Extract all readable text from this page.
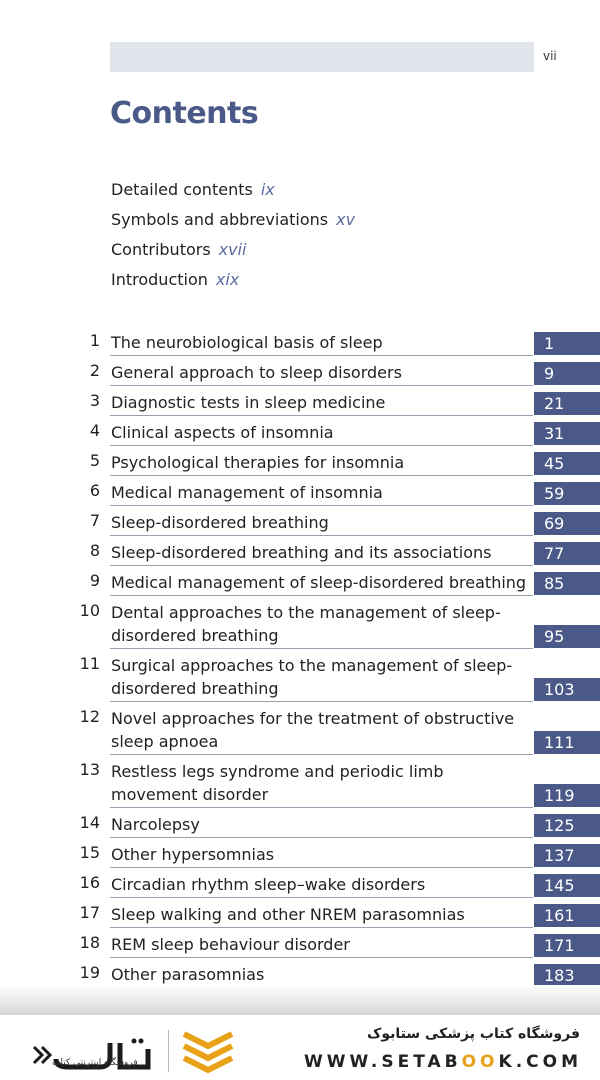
vii
Contents
Detailed contents ix
Symbols and abbreviations xv
Contributors xvii
Introduction xix
1 The neurobiological basis of sleep	1
2 General approach to sleep disorders	9
3 Diagnostic tests in sleep medicine	21
4 Clinical aspects of insomnia	31
5 Psychological therapies for insomnia	45
6 Medical management of insomnia	59
7 Sleep-disordered breathing	69
8 Sleep-disordered breathing and its associations	77
9 Medical management of sleep-disordered breathing	85
10 Dental approaches to the management of sleep-
disordered breathing	95
11 Surgical approaches to the management of sleep-
disordered breathing	103
12 Novel approaches for the treatment of obstructive
sleep apnoea	111
13 Restless legs syndrome and periodic limb
movement disorder	119
14 Narcolepsy	125
15 Other hypersomnias	137
16 Circadian rhythm sleep–wake disorders	145
17 Sleep walking and other NREM parasomnias	161
18 REM sleep behaviour disorder	171
19 Other parasomnias	183
فروشگاه اینترنتی کتاب
فروشگاه کتاب پزشکی ستابوک
WWW.SETABOOK.COM
